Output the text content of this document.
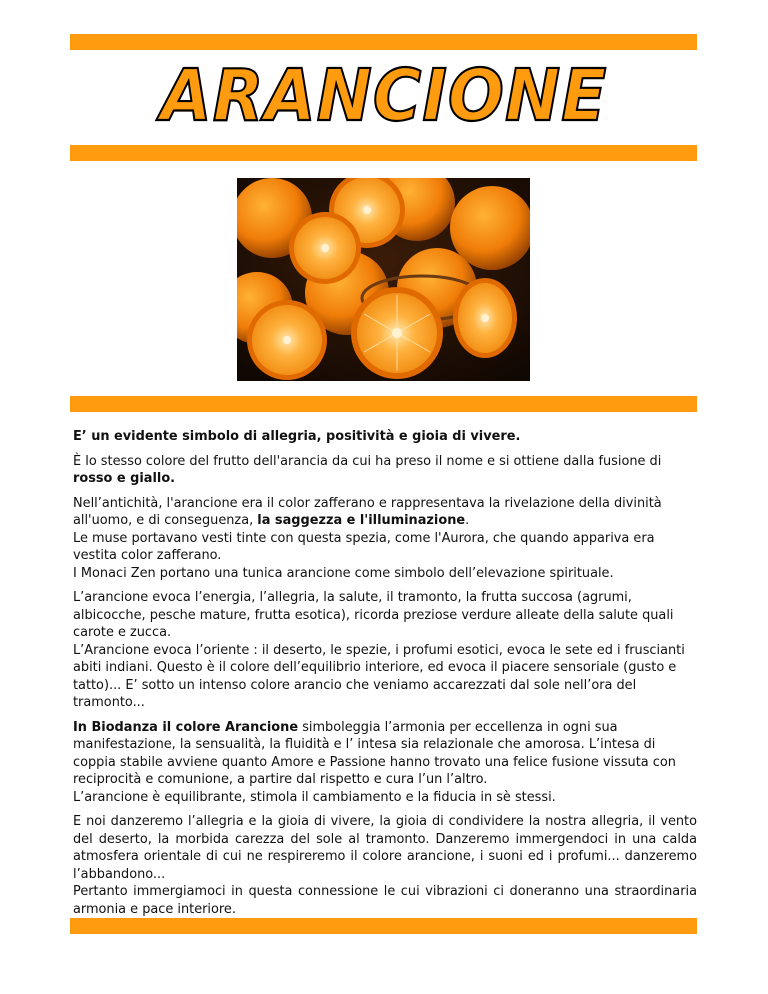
ARANCIONE

E’ un evidente simbolo di allegria, positività e gioia di vivere.

È lo stesso colore del frutto dell'arancia da cui ha preso il nome e si ottiene dalla fusione di rosso e giallo.

Nell’antichità, l'arancione era il color zafferano e rappresentava la rivelazione della divinità all'uomo, e di conseguenza, la saggezza e l'illuminazione.
Le muse portavano vesti tinte con questa spezia, come l'Aurora, che quando appariva era vestita color zafferano.
I Monaci Zen portano una tunica arancione come simbolo dell’elevazione spirituale.

L’arancione evoca l’energia, l’allegria, la salute, il tramonto, la frutta succosa (agrumi, albicocche, pesche mature, frutta esotica), ricorda preziose verdure alleate della salute quali carote e zucca.
L’Arancione evoca l’oriente : il deserto, le spezie, i profumi esotici, evoca le sete ed i fruscianti abiti indiani. Questo è il colore dell’equilibrio interiore, ed evoca il piacere sensoriale (gusto e tatto)... E’ sotto un intenso colore arancio che veniamo accarezzati dal sole nell’ora del tramonto...

In Biodanza il colore Arancione simboleggia l’armonia per eccellenza in ogni sua manifestazione, la sensualità, la fluidità e l’ intesa sia relazionale che amorosa. L’intesa di coppia stabile avviene quanto Amore e Passione hanno trovato una felice fusione vissuta con reciprocità e comunione, a partire dal rispetto e cura l’un l’altro.
L’arancione è equilibrante, stimola il cambiamento e la fiducia in sè stessi.

E noi danzeremo l’allegria e la gioia di vivere, la gioia di condividere la nostra allegria, il vento del deserto, la morbida carezza del sole al tramonto. Danzeremo immergendoci in una calda atmosfera orientale di cui ne respireremo il colore arancione, i suoni ed i profumi... danzeremo l’abbandono...
Pertanto immergiamoci in questa connessione le cui vibrazioni ci doneranno una straordinaria armonia e pace interiore.
